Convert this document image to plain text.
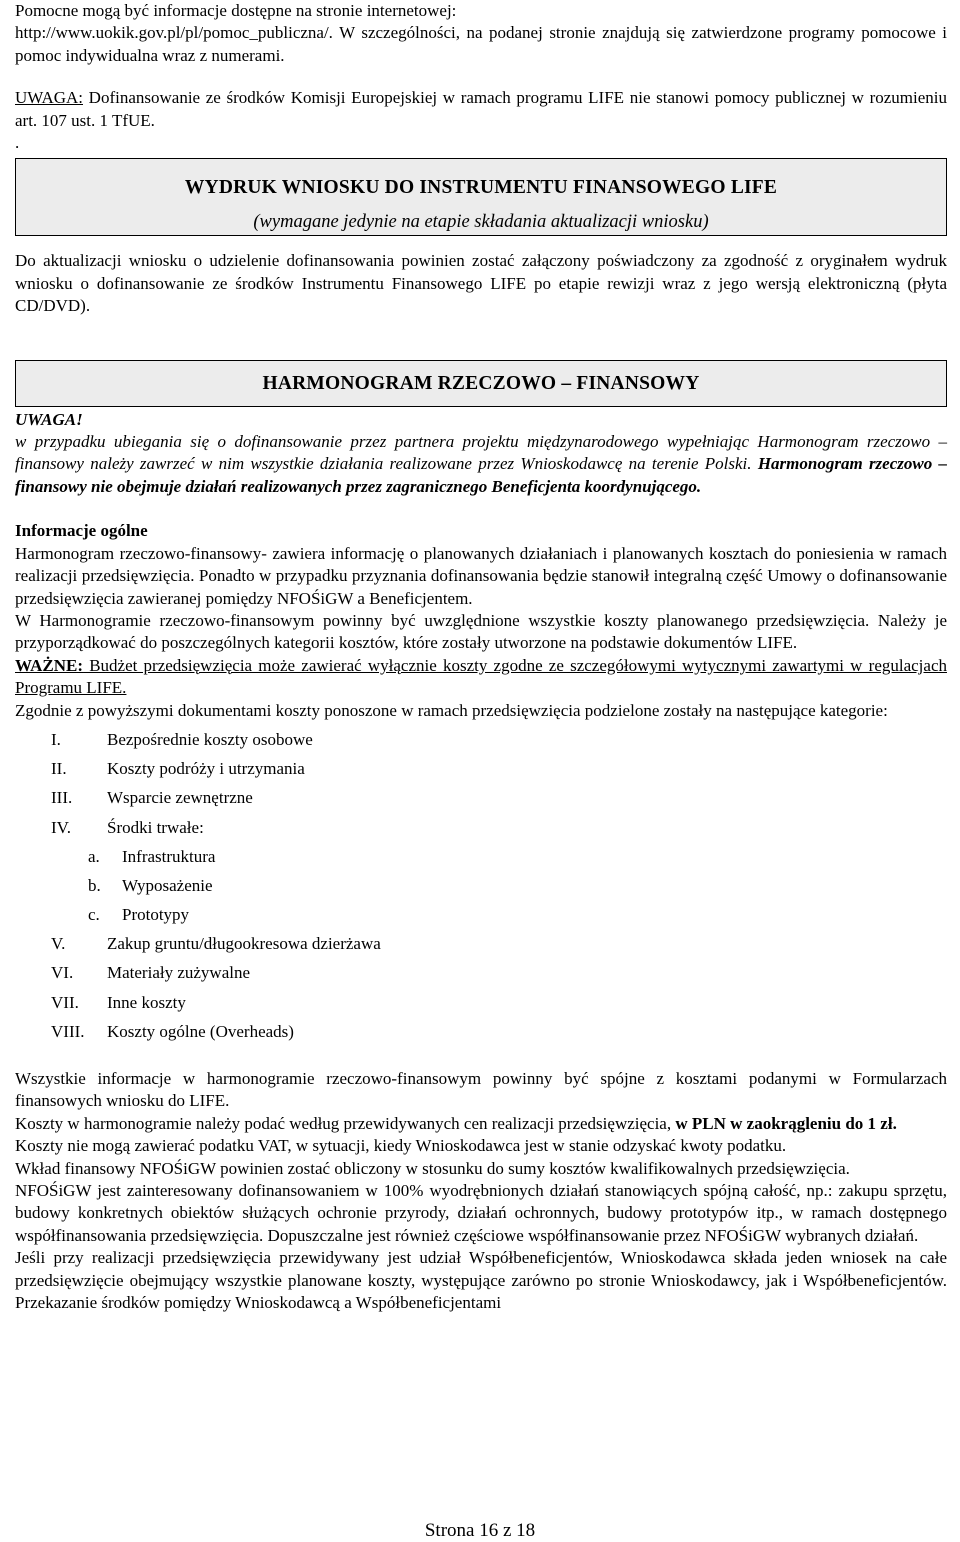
Pomocne mogą być informacje dostępne na stronie internetowej:

http://www.uokik.gov.pl/pl/pomoc_publiczna/. W szczególności, na podanej stronie znajdują się zatwierdzone programy pomocowe i pomoc indywidualna wraz z numerami.

UWAGA: Dofinansowanie ze środków Komisji Europejskiej w ramach programu LIFE nie stanowi pomocy publicznej w rozumieniu art. 107 ust. 1 TfUE.

.

WYDRUK WNIOSKU DO INSTRUMENTU FINANSOWEGO LIFE
(wymagane jedynie na etapie składania aktualizacji wniosku)

Do aktualizacji wniosku o udzielenie dofinansowania powinien zostać załączony poświadczony za zgodność z oryginałem wydruk wniosku o dofinansowanie ze środków Instrumentu Finansowego LIFE po etapie rewizji wraz z jego wersją elektroniczną (płyta CD/DVD).

HARMONOGRAM RZECZOWO – FINANSOWY

UWAGA!

w przypadku ubiegania się o dofinansowanie przez partnera projektu międzynarodowego wypełniając Harmonogram rzeczowo – finansowy należy zawrzeć w nim wszystkie działania realizowane przez Wnioskodawcę na terenie Polski. Harmonogram rzeczowo – finansowy nie obejmuje działań realizowanych przez zagranicznego Beneficjenta koordynującego.

Informacje ogólne

Harmonogram rzeczowo-finansowy- zawiera informację o planowanych działaniach i planowanych kosztach do poniesienia w ramach realizacji przedsięwzięcia. Ponadto w przypadku przyznania dofinansowania będzie stanowił integralną część Umowy o dofinansowanie przedsięwzięcia zawieranej pomiędzy NFOŚiGW a Beneficjentem.

W Harmonogramie rzeczowo-finansowym powinny być uwzględnione wszystkie koszty planowanego przedsięwzięcia. Należy je przyporządkować do poszczególnych kategorii kosztów, które zostały utworzone na podstawie dokumentów LIFE.

WAŻNE: Budżet przedsięwzięcia może zawierać wyłącznie koszty zgodne ze szczegółowymi wytycznymi zawartymi w regulacjach Programu LIFE.

Zgodnie z powyższymi dokumentami koszty ponoszone w ramach przedsięwzięcia podzielone zostały na następujące kategorie:

I.	Bezpośrednie koszty osobowe
II.	Koszty podróży i utrzymania
III.	Wsparcie zewnętrzne
IV.	Środki trwałe:
a.	Infrastruktura
b.	Wyposażenie
c.	Prototypy
V.	Zakup gruntu/długookresowa dzierżawa
VI.	Materiały zużywalne
VII.	Inne koszty
VIII.	Koszty ogólne (Overheads)

Wszystkie informacje w harmonogramie rzeczowo-finansowym powinny być spójne z kosztami podanymi w Formularzach finansowych wniosku do LIFE.

Koszty w harmonogramie należy podać według przewidywanych cen realizacji przedsięwzięcia, w PLN w zaokrągleniu do 1 zł.

Koszty nie mogą zawierać podatku VAT, w sytuacji, kiedy Wnioskodawca jest w stanie odzyskać kwoty podatku.

Wkład finansowy NFOŚiGW powinien zostać obliczony w stosunku do sumy kosztów kwalifikowalnych przedsięwzięcia.

NFOŚiGW jest zainteresowany dofinansowaniem w 100% wyodrębnionych działań stanowiących spójną całość, np.: zakupu sprzętu, budowy konkretnych obiektów służących ochronie przyrody, działań ochronnych, budowy prototypów itp., w ramach dostępnego współfinansowania przedsięwzięcia. Dopuszczalne jest również częściowe współfinansowanie przez NFOŚiGW wybranych działań.

Jeśli przy realizacji przedsięwzięcia przewidywany jest udział Współbeneficjentów, Wnioskodawca składa jeden wniosek na całe przedsięwzięcie obejmujący wszystkie planowane koszty, występujące zarówno po stronie Wnioskodawcy, jak i Współbeneficjentów. Przekazanie środków pomiędzy Wnioskodawcą a Współbeneficjentami

Strona 16 z 18
